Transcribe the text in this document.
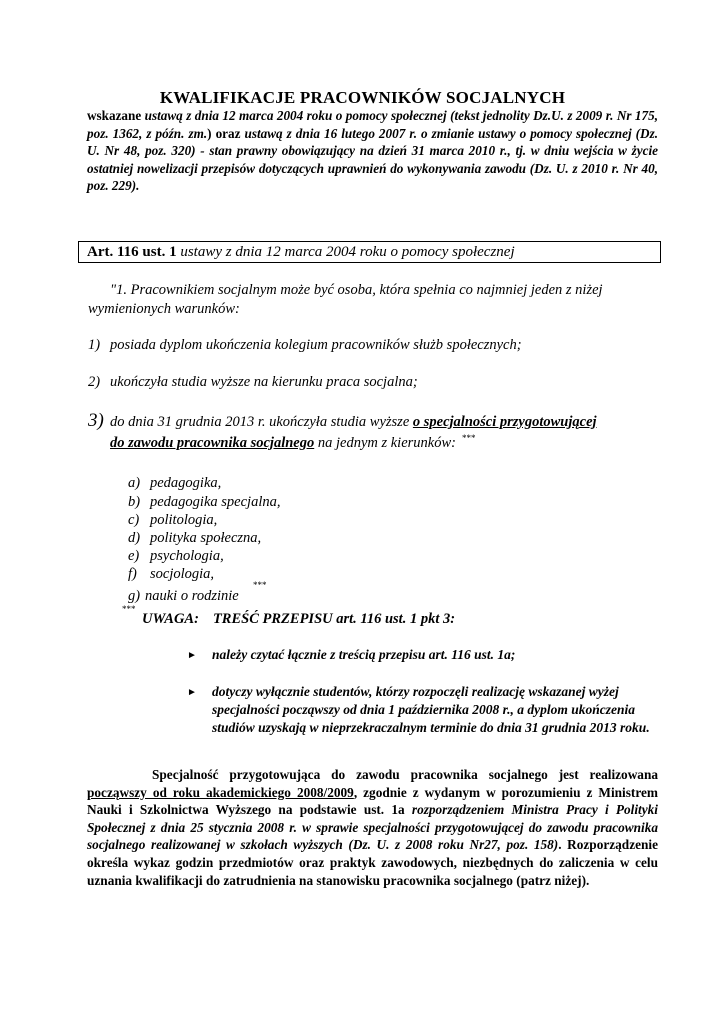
KWALIFIKACJE PRACOWNIKÓW SOCJALNYCH
wskazane ustawą z dnia 12 marca 2004 roku o pomocy społecznej (tekst jednolity Dz.U. z 2009 r. Nr 175, poz. 1362, z późn. zm.) oraz ustawą z dnia 16 lutego 2007 r. o zmianie ustawy o pomocy społecznej (Dz. U. Nr 48, poz. 320) - stan prawny obowiązujący na dzień 31 marca 2010 r., tj. w dniu wejścia w życie ostatniej nowelizacji przepisów dotyczących uprawnień do wykonywania zawodu (Dz. U. z 2010 r. Nr 40, poz. 229).
Art. 116 ust. 1 ustawy z dnia 12 marca 2004 roku o pomocy społecznej
"1. Pracownikiem socjalnym może być osoba, która spełnia co najmniej jeden z niżej wymienionych warunków:
1) posiada dyplom ukończenia kolegium pracowników służb społecznych;
2) ukończyła studia wyższe na kierunku praca socjalna;
3) do dnia 31 grudnia 2013 r. ukończyła studia wyższe o specjalności przygotowującej
do zawodu pracownika socjalnego na jednym z kierunków: ***
a) pedagogika,
b) pedagogika specjalna,
c) politologia,
d) polityka społeczna,
e) psychologia,
f) socjologia,
g) nauki o rodzinie
***
***
UWAGA: TREŚĆ PRZEPISU art. 116 ust. 1 pkt 3:
► należy czytać łącznie z treścią przepisu art. 116 ust. 1a;
► dotyczy wyłącznie studentów, którzy rozpoczęli realizację wskazanej wyżej specjalności począwszy od dnia 1 października 2008 r., a dyplom ukończenia studiów uzyskają w nieprzekraczalnym terminie do dnia 31 grudnia 2013 roku.
Specjalność przygotowująca do zawodu pracownika socjalnego jest realizowana począwszy od roku akademickiego 2008/2009, zgodnie z wydanym w porozumieniu z Ministrem Nauki i Szkolnictwa Wyższego na podstawie ust. 1a rozporządzeniem Ministra Pracy i Polityki Społecznej z dnia 25 stycznia 2008 r. w sprawie specjalności przygotowującej do zawodu pracownika socjalnego realizowanej w szkołach wyższych (Dz. U. z 2008 roku Nr27, poz. 158). Rozporządzenie określa wykaz godzin przedmiotów oraz praktyk zawodowych, niezbędnych do zaliczenia w celu uznania kwalifikacji do zatrudnienia na stanowisku pracownika socjalnego (patrz niżej).
